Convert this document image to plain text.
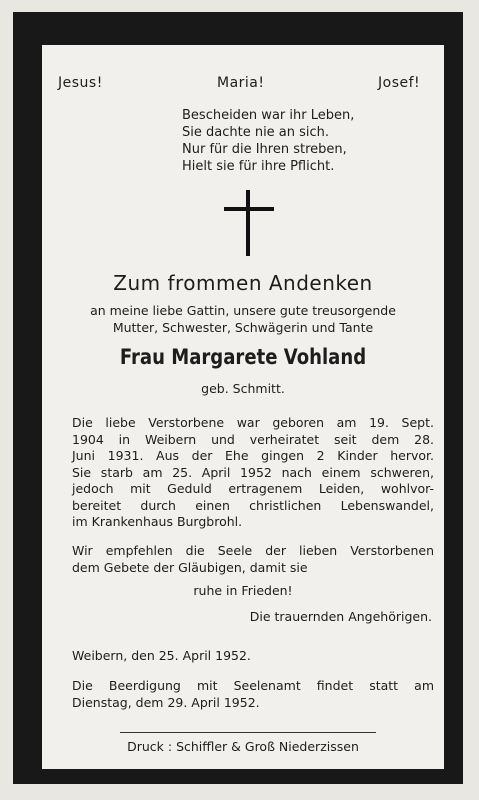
Jesus!	Maria!	Josef!
Bescheiden war ihr Leben,
Sie dachte nie an sich.
Nur für die Ihren streben,
Hielt sie für ihre Pflicht.
Zum frommen Andenken
an meine liebe Gattin, unsere gute treusorgende
Mutter, Schwester, Schwägerin und Tante
Frau Margarete Vohland
geb. Schmitt.
Die liebe Verstorbene war geboren am 19. Sept.
1904 in Weibern und verheiratet seit dem 28.
Juni 1931. Aus der Ehe gingen 2 Kinder hervor.
Sie starb am 25. April 1952 nach einem schweren,
jedoch mit Geduld ertragenem Leiden, wohlvor-
bereitet durch einen christlichen Lebenswandel,
im Krankenhaus Burgbrohl.
Wir empfehlen die Seele der lieben Verstorbenen
dem Gebete der Gläubigen, damit sie
ruhe in Frieden!
Die trauernden Angehörigen.
Weibern, den 25. April 1952.
Die Beerdigung mit Seelenamt findet statt am
Dienstag, dem 29. April 1952.
Druck : Schiffler & Groß Niederzissen
